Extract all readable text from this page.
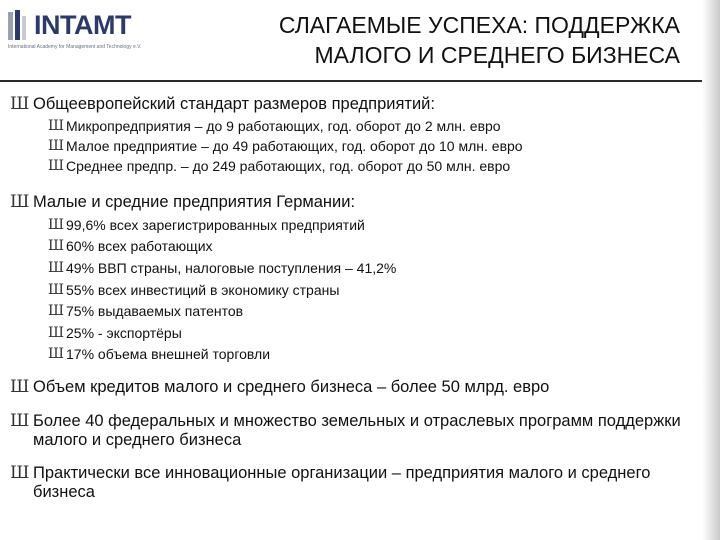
INTAMT
International Academy for Management and Technology e.V.
СЛАГАЕМЫЕ УСПЕХА: ПОДДЕРЖКА
МАЛОГО И СРЕДНЕГО БИЗНЕСА
Ш Общеевропейский стандарт размеров предприятий:
Ш Микропредприятия – до 9 работающих, год. оборот до 2 млн. евро
Ш Малое предприятие – до 49 работающих, год. оборот до 10 млн. евро
Ш Среднее предпр. – до 249 работающих, год. оборот до 50 млн. евро
Ш Малые и средние предприятия Германии:
Ш 99,6% всех зарегистрированных предприятий
Ш 60% всех работающих
Ш 49% ВВП страны, налоговые поступления – 41,2%
Ш 55% всех инвестиций в экономику страны
Ш 75% выдаваемых патентов
Ш 25% - экспортёры
Ш 17% объема внешней торговли
Ш Объем кредитов малого и среднего бизнеса – более 50 млрд. евро
Ш Более 40 федеральных и множество земельных и отраслевых программ поддержки малого и среднего бизнеса
Ш Практически все инновационные организации – предприятия малого и среднего бизнеса
